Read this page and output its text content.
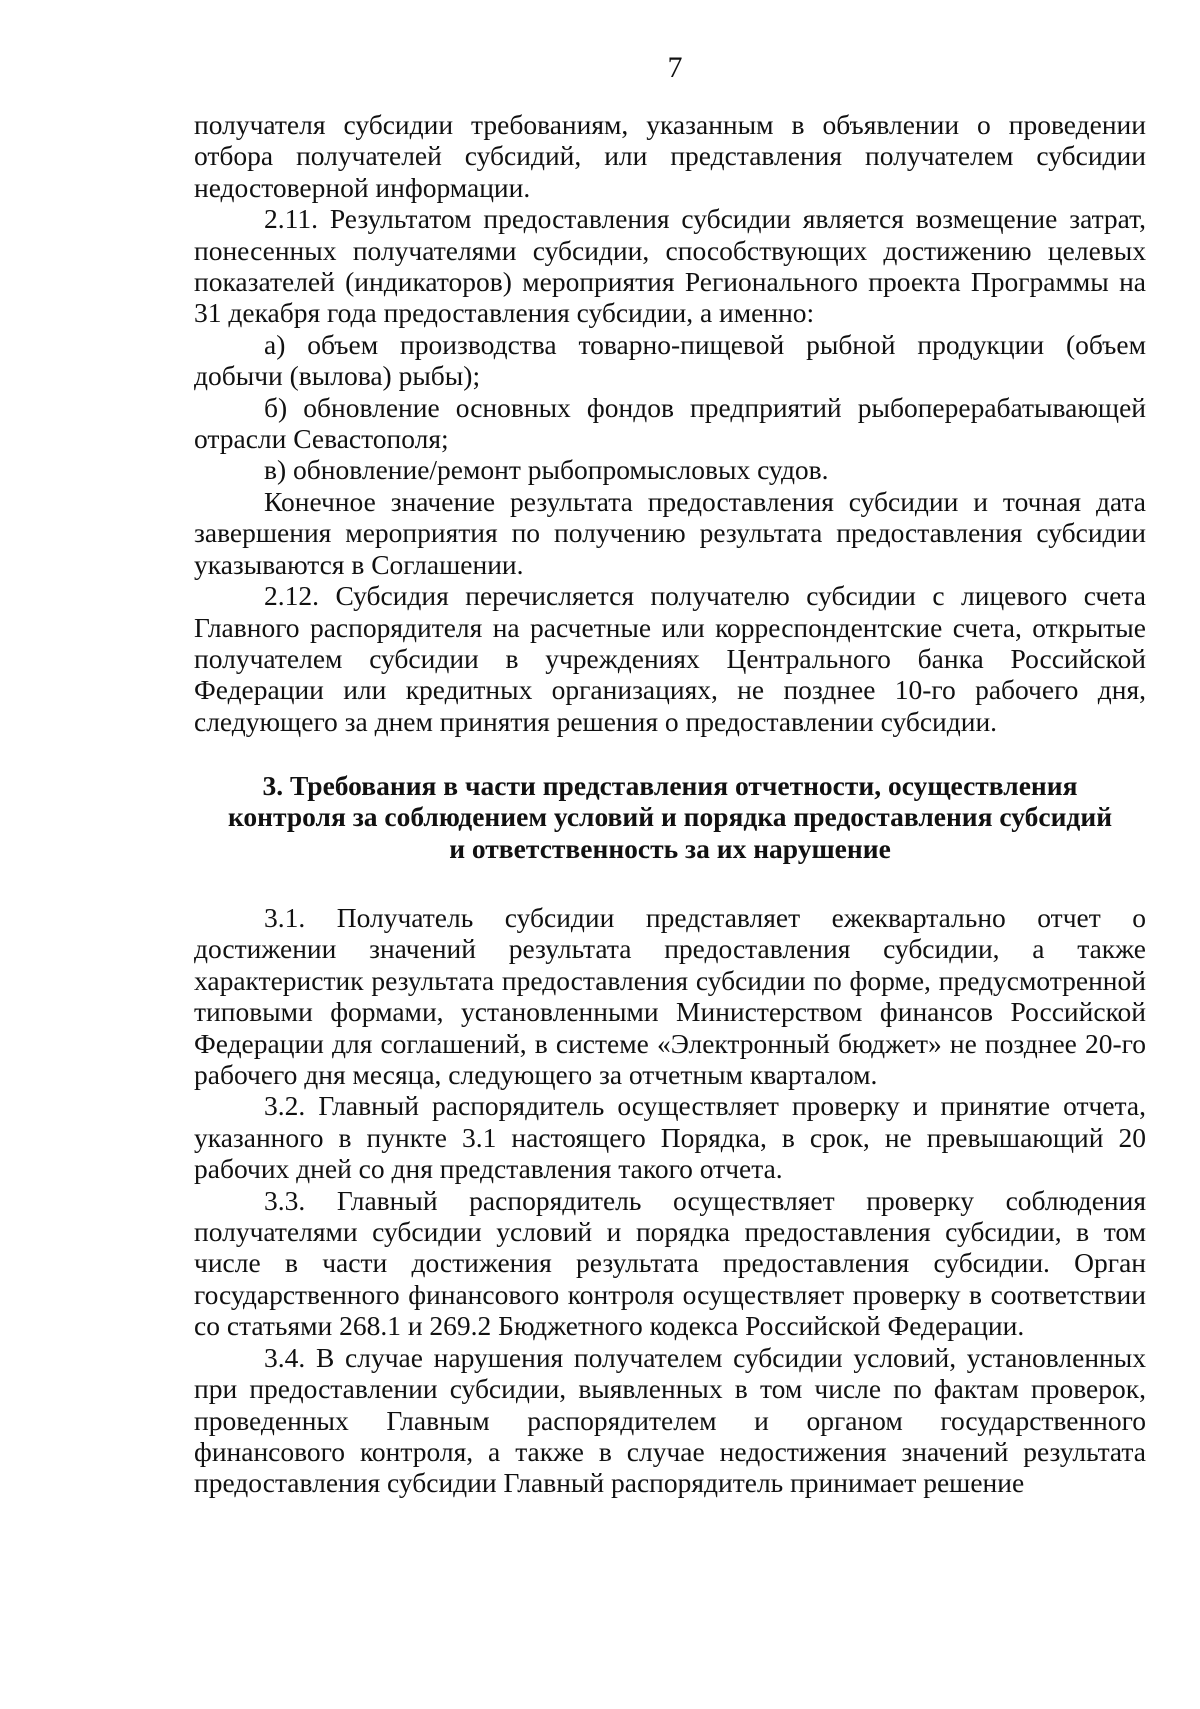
7

получателя субсидии требованиям, указанным в объявлении о проведении отбора получателей субсидий, или представления получателем субсидии недостоверной информации.

2.11. Результатом предоставления субсидии является возмещение затрат, понесенных получателями субсидии, способствующих достижению целевых показателей (индикаторов) мероприятия Регионального проекта Программы на 31 декабря года предоставления субсидии, а именно:

а) объем производства товарно-пищевой рыбной продукции (объем добычи (вылова) рыбы);

б) обновление основных фондов предприятий рыбоперерабатывающей отрасли Севастополя;

в) обновление/ремонт рыбопромысловых судов.

Конечное значение результата предоставления субсидии и точная дата завершения мероприятия по получению результата предоставления субсидии указываются в Соглашении.

2.12. Субсидия перечисляется получателю субсидии с лицевого счета Главного распорядителя на расчетные или корреспондентские счета, открытые получателем субсидии в учреждениях Центрального банка Российской Федерации или кредитных организациях, не позднее 10-го рабочего дня, следующего за днем принятия решения о предоставлении субсидии.

3. Требования в части представления отчетности, осуществления
контроля за соблюдением условий и порядка предоставления субсидий
и ответственность за их нарушение

3.1. Получатель субсидии представляет ежеквартально отчет о достижении значений результата предоставления субсидии, а также характеристик результата предоставления субсидии по форме, предусмотренной типовыми формами, установленными Министерством финансов Российской Федерации для соглашений, в системе «Электронный бюджет» не позднее 20-го рабочего дня месяца, следующего за отчетным кварталом.

3.2. Главный распорядитель осуществляет проверку и принятие отчета, указанного в пункте 3.1 настоящего Порядка, в срок, не превышающий 20 рабочих дней со дня представления такого отчета.

3.3. Главный распорядитель осуществляет проверку соблюдения получателями субсидии условий и порядка предоставления субсидии, в том числе в части достижения результата предоставления субсидии. Орган государственного финансового контроля осуществляет проверку в соответствии со статьями 268.1 и 269.2 Бюджетного кодекса Российской Федерации.

3.4. В случае нарушения получателем субсидии условий, установленных при предоставлении субсидии, выявленных в том числе по фактам проверок, проведенных Главным распорядителем и органом государственного финансового контроля, а также в случае недостижения значений результата предоставления субсидии Главный распорядитель принимает решение
